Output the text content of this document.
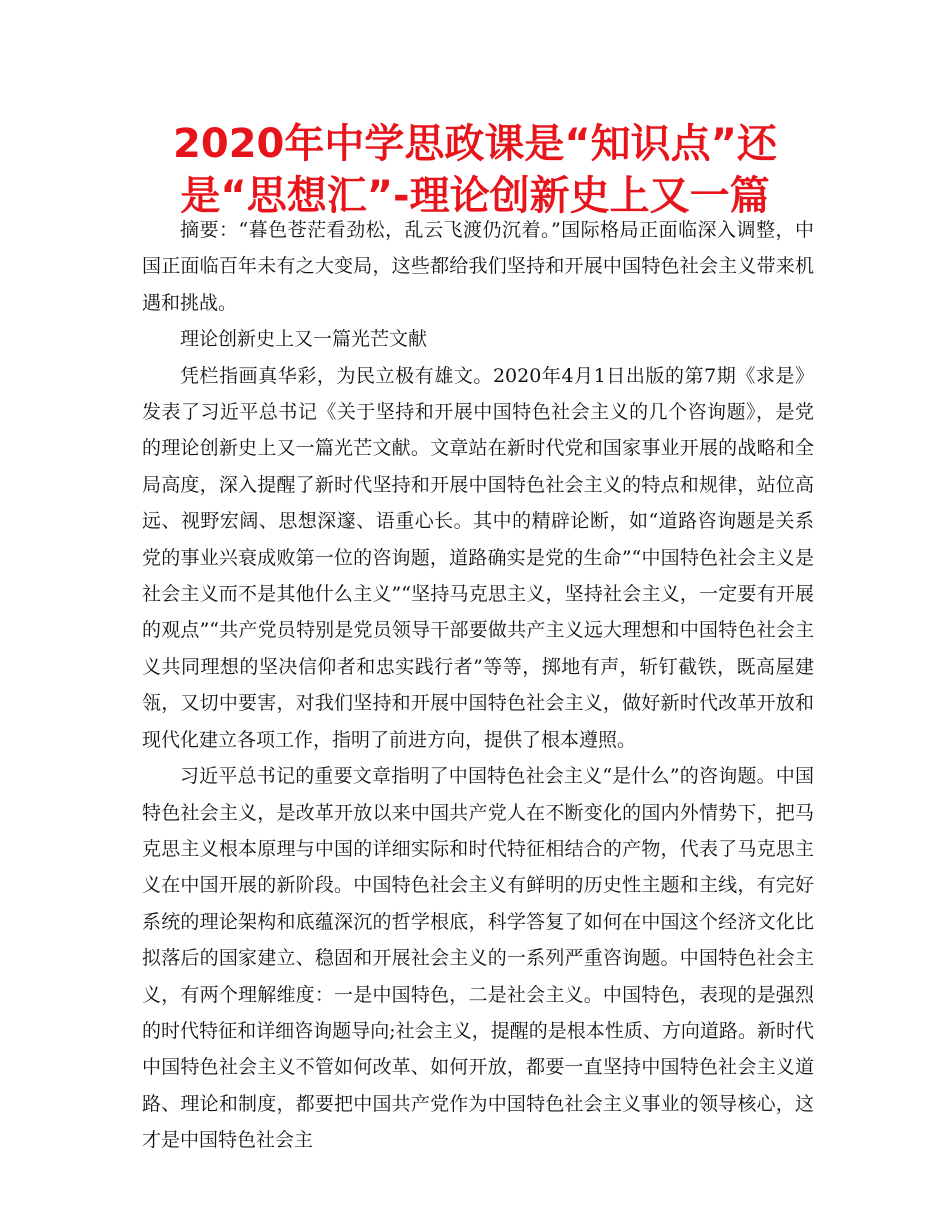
2020年中学思政课是“知识点”还是“思想汇”-理论创新史上又一篇

摘要：“暮色苍茫看劲松，乱云飞渡仍沉着。”国际格局正面临深入调整，中国正面临百年未有之大变局，这些都给我们坚持和开展中国特色社会主义带来机遇和挑战。

理论创新史上又一篇光芒文献

凭栏指画真华彩，为民立极有雄文。2020年4月1日出版的第7期《求是》发表了习近平总书记《关于坚持和开展中国特色社会主义的几个咨询题》，是党的理论创新史上又一篇光芒文献。文章站在新时代党和国家事业开展的战略和全局高度，深入提醒了新时代坚持和开展中国特色社会主义的特点和规律，站位高远、视野宏阔、思想深邃、语重心长。其中的精辟论断，如“道路咨询题是关系党的事业兴衰成败第一位的咨询题，道路确实是党的生命”“中国特色社会主义是社会主义而不是其他什么主义”“坚持马克思主义，坚持社会主义，一定要有开展的观点”“共产党员特别是党员领导干部要做共产主义远大理想和中国特色社会主义共同理想的坚决信仰者和忠实践行者”等等，掷地有声，斩钉截铁，既高屋建瓴，又切中要害，对我们坚持和开展中国特色社会主义，做好新时代改革开放和现代化建立各项工作，指明了前进方向，提供了根本遵照。

习近平总书记的重要文章指明了中国特色社会主义“是什么”的咨询题。中国特色社会主义，是改革开放以来中国共产党人在不断变化的国内外情势下，把马克思主义根本原理与中国的详细实际和时代特征相结合的产物，代表了马克思主义在中国开展的新阶段。中国特色社会主义有鲜明的历史性主题和主线，有完好系统的理论架构和底蕴深沉的哲学根底，科学答复了如何在中国这个经济文化比拟落后的国家建立、稳固和开展社会主义的一系列严重咨询题。中国特色社会主义，有两个理解维度：一是中国特色，二是社会主义。中国特色，表现的是强烈的时代特征和详细咨询题导向;社会主义，提醒的是根本性质、方向道路。新时代中国特色社会主义不管如何改革、如何开放，都要一直坚持中国特色社会主义道路、理论和制度，都要把中国共产党作为中国特色社会主义事业的领导核心，这才是中国特色社会主
